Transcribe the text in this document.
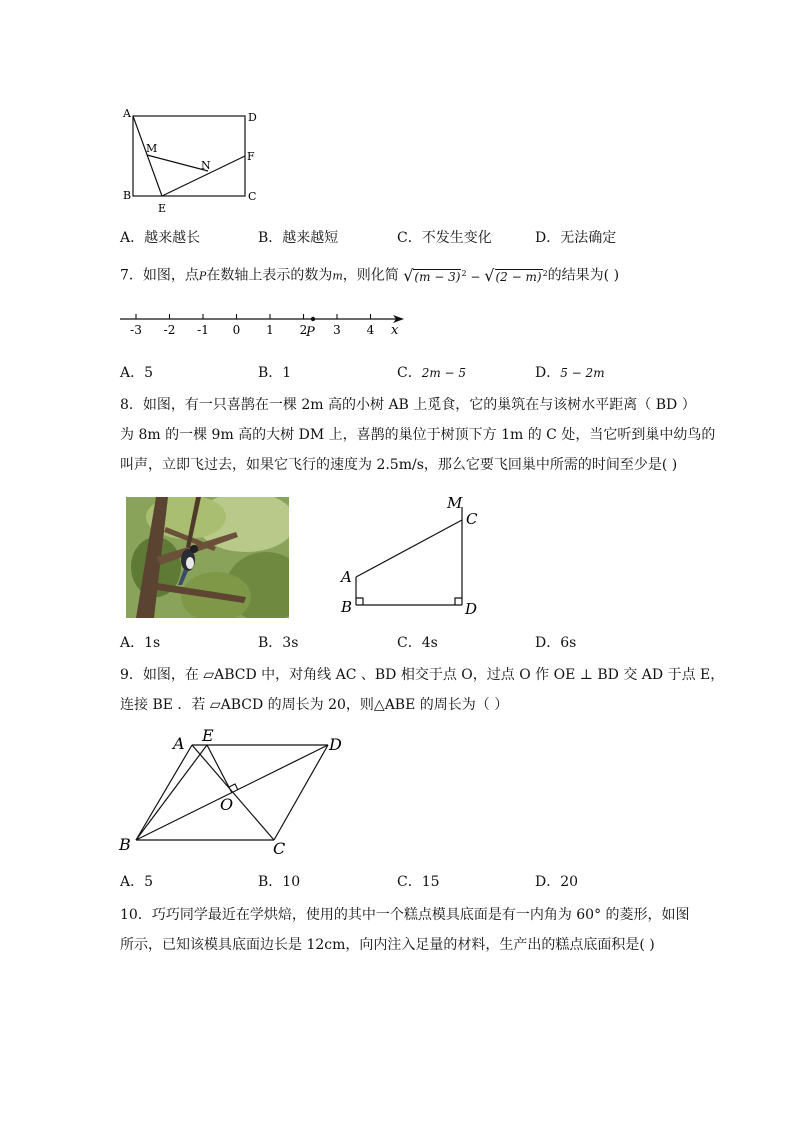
A	D
B	C
E
F
M
N
A．越来越长	B．越来越短	C．不发生变化	D．无法确定
7．如图，点P在数轴上表示的数为m，则化简 $√(m - 3)^2 - √(2 - m)^2$的结果为( )
-3 -2 -1 0 1 2 3 4
P	x
A．5	B．1	C．2m − 5	D．5 − 2m
8．如图，有一只喜鹊在一棵 2m 高的小树 AB 上觅食，它的巢筑在与该树水平距离（ BD ）
为 8m 的一棵 9m 高的大树 DM 上，喜鹊的巢位于树顶下方 1m 的 C 处，当它听到巢中幼鸟的
叫声，立即飞过去，如果它飞行的速度为 2.5m/s，那么它要飞回巢中所需的时间至少是( )
A
B
C
D
M
A．1s	B．3s	C．4s	D．6s
9．如图，在 ▱ABCD 中，对角线 AC 、BD 相交于点 O，过点 O 作 OE ⊥ BD 交 AD 于点 E，
连接 BE ．若 ▱ABCD 的周长为 20，则△ABE 的周长为（ ）
A E	D
B	C
O
A．5	B．10	C．15	D．20
10．巧巧同学最近在学烘焙，使用的其中一个糕点模具底面是有一内角为 60° 的菱形，如图
所示，已知该模具底面边长是 12cm，向内注入足量的材料，生产出的糕点底面积是( )
